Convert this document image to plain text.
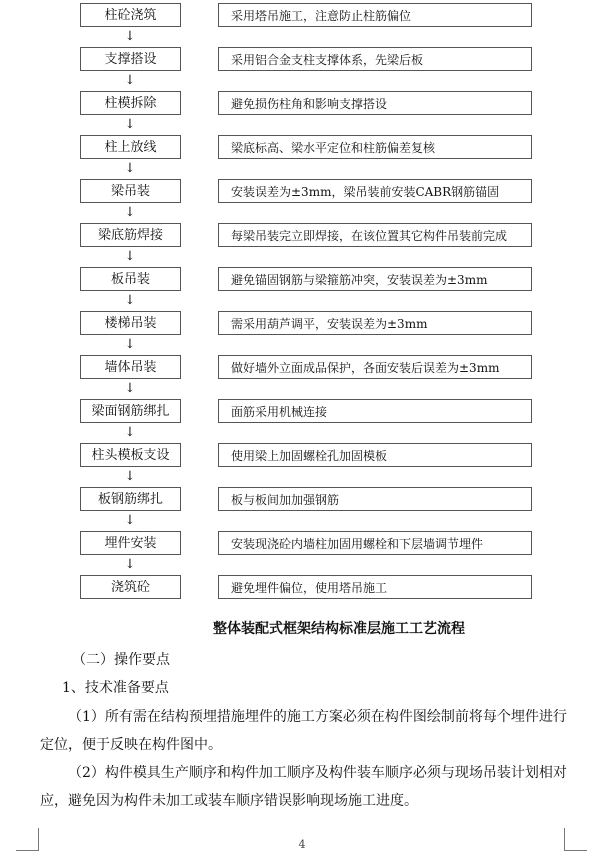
柱砼浇筑	采用塔吊施工，注意防止柱筋偏位
↓
支撑搭设	采用铝合金支柱支撑体系，先梁后板
↓
柱模拆除	避免损伤柱角和影响支撑搭设
↓
柱上放线	梁底标高、梁水平定位和柱筋偏差复核
↓
梁吊装	安装误差为±3mm，梁吊装前安装CABR钢筋锚固
↓
梁底筋焊接	每梁吊装完立即焊接，在该位置其它构件吊装前完成
↓
板吊装	避免锚固钢筋与梁箍筋冲突，安装误差为±3mm
↓
楼梯吊装	需采用葫芦调平，安装误差为±3mm
↓
墙体吊装	做好墙外立面成品保护，各面安装后误差为±3mm
↓
梁面钢筋绑扎	面筋采用机械连接
↓
柱头模板支设	使用梁上加固螺栓孔加固模板
↓
板钢筋绑扎	板与板间加加强钢筋
↓
埋件安装	安装现浇砼内墙柱加固用螺栓和下层墙调节埋件
↓
浇筑砼	避免埋件偏位，使用塔吊施工
整体装配式框架结构标准层施工工艺流程
（二）操作要点
1、技术准备要点
（1）所有需在结构预埋措施埋件的施工方案必须在构件图绘制前将每个埋件进行定位，便于反映在构件图中。
（2）构件模具生产顺序和构件加工顺序及构件装车顺序必须与现场吊装计划相对应，避免因为构件未加工或装车顺序错误影响现场施工进度。
4
